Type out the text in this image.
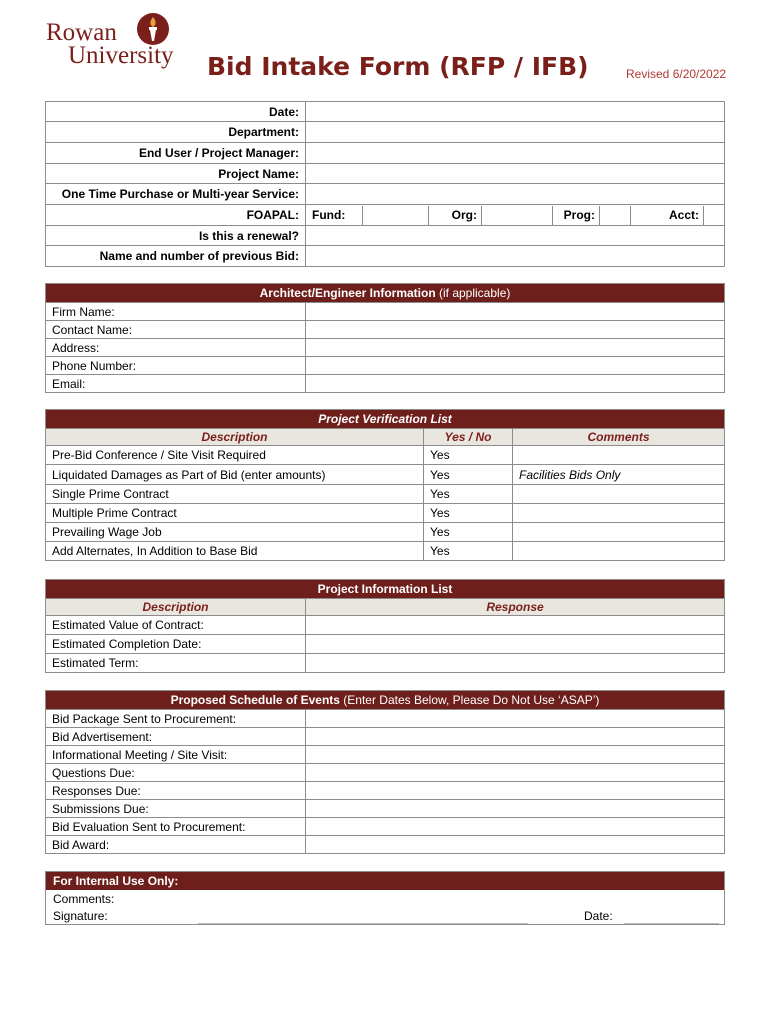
Rowan
University Bid Intake Form (RFP / IFB)	Revised 6/20/2022
Date:	
Department:	
End User / Project Manager:	
Project Name:	
One Time Purchase or Multi-year Service:	
FOAPAL:	Fund:		Org:		Prog:		Acct:	

Is this a renewal?	
Name and number of previous Bid:	
Architect/Engineer Information (if applicable)	
Firm Name:	
Contact Name:	
Address:	
Phone Number:	
Email:	
Project Verification List		
Description	Yes / No	Comments
Pre-Bid Conference / Site Visit Required	Yes	
Liquidated Damages as Part of Bid (enter amounts)	Yes	Facilities Bids Only
Single Prime Contract	Yes	
Multiple Prime Contract	Yes	
Prevailing Wage Job	Yes	
Add Alternates, In Addition to Base Bid	Yes	
Project Information List	
Description	Response
Estimated Value of Contract:	
Estimated Completion Date:	
Estimated Term:	
Proposed Schedule of Events (Enter Dates Below, Please Do Not Use ‘ASAP’)	
Bid Package Sent to Procurement:	
Bid Advertisement:	
Informational Meeting / Site Visit:	
Questions Due:	
Responses Due:	
Submissions Due:	
Bid Evaluation Sent to Procurement:	
Bid Award:	
For Internal Use Only:
Comments:
Signature:	Date:
